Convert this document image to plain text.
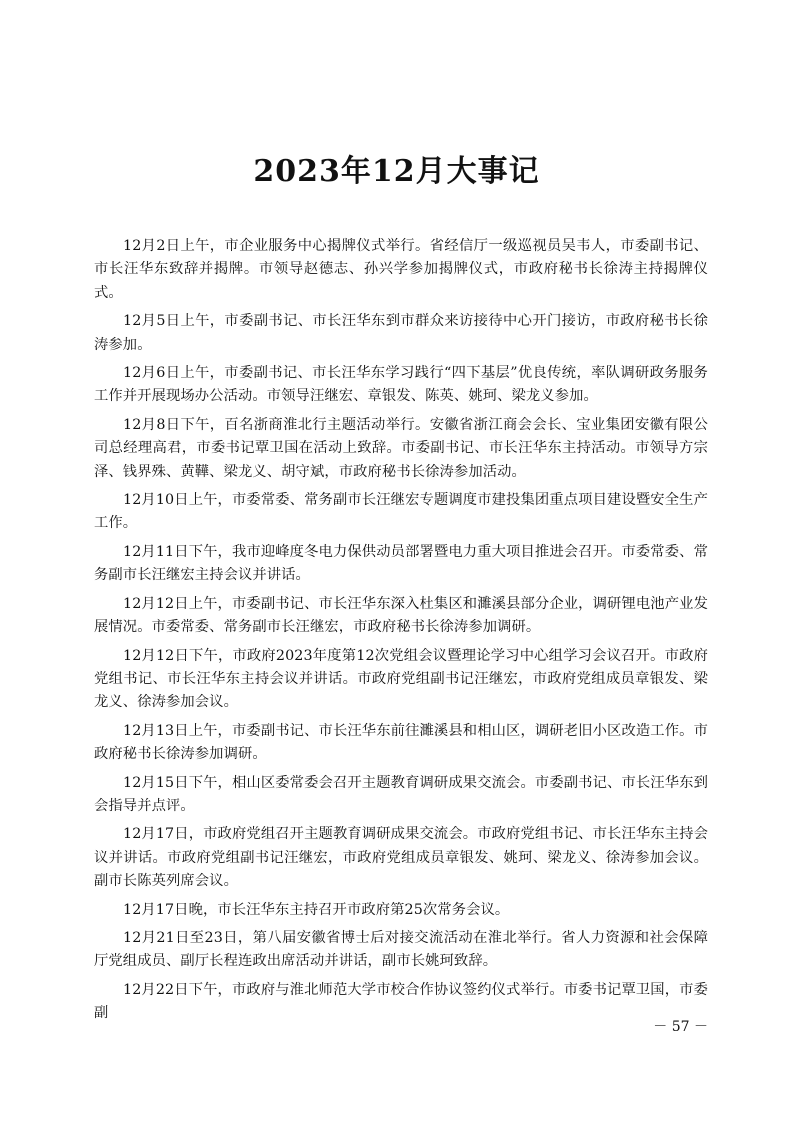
2023年12月大事记

12月2日上午，市企业服务中心揭牌仪式举行。省经信厅一级巡视员吴韦人，市委副书记、市长汪华东致辞并揭牌。市领导赵德志、孙兴学参加揭牌仪式，市政府秘书长徐涛主持揭牌仪式。

12月5日上午，市委副书记、市长汪华东到市群众来访接待中心开门接访，市政府秘书长徐涛参加。

12月6日上午，市委副书记、市长汪华东学习践行“四下基层”优良传统，率队调研政务服务工作并开展现场办公活动。市领导汪继宏、章银发、陈英、姚珂、梁龙义参加。

12月8日下午，百名浙商淮北行主题活动举行。安徽省浙江商会会长、宝业集团安徽有限公司总经理高君，市委书记覃卫国在活动上致辞。市委副书记、市长汪华东主持活动。市领导方宗泽、钱界殊、黄鞾、梁龙义、胡守斌，市政府秘书长徐涛参加活动。

12月10日上午，市委常委、常务副市长汪继宏专题调度市建投集团重点项目建设暨安全生产工作。

12月11日下午，我市迎峰度冬电力保供动员部署暨电力重大项目推进会召开。市委常委、常务副市长汪继宏主持会议并讲话。

12月12日上午，市委副书记、市长汪华东深入杜集区和濉溪县部分企业，调研锂电池产业发展情况。市委常委、常务副市长汪继宏，市政府秘书长徐涛参加调研。

12月12日下午，市政府2023年度第12次党组会议暨理论学习中心组学习会议召开。市政府党组书记、市长汪华东主持会议并讲话。市政府党组副书记汪继宏，市政府党组成员章银发、梁龙义、徐涛参加会议。

12月13日上午，市委副书记、市长汪华东前往濉溪县和相山区，调研老旧小区改造工作。市政府秘书长徐涛参加调研。

12月15日下午，相山区委常委会召开主题教育调研成果交流会。市委副书记、市长汪华东到会指导并点评。

12月17日，市政府党组召开主题教育调研成果交流会。市政府党组书记、市长汪华东主持会议并讲话。市政府党组副书记汪继宏，市政府党组成员章银发、姚珂、梁龙义、徐涛参加会议。副市长陈英列席会议。

12月17日晚，市长汪华东主持召开市政府第25次常务会议。

12月21日至23日，第八届安徽省博士后对接交流活动在淮北举行。省人力资源和社会保障厅党组成员、副厅长程连政出席活动并讲话，副市长姚珂致辞。

12月22日下午，市政府与淮北师范大学市校合作协议签约仪式举行。市委书记覃卫国，市委副

－ 57 －
